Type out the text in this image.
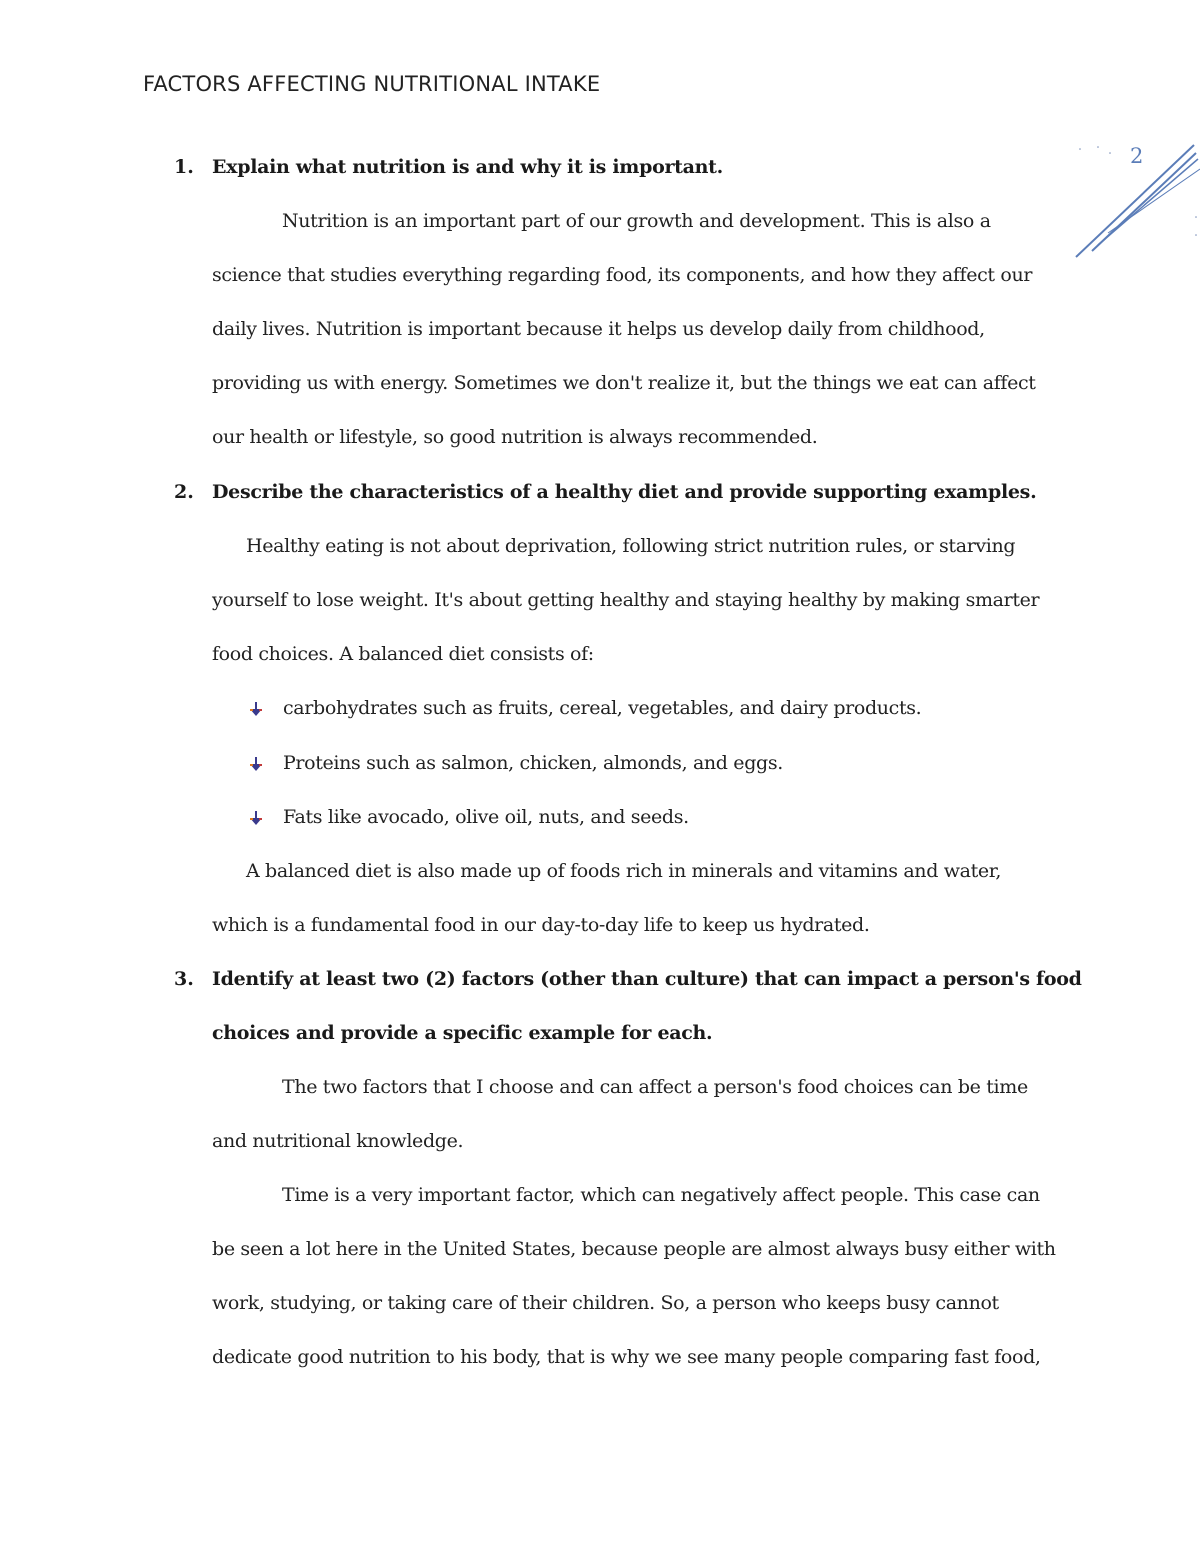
FACTORS AFFECTING NUTRITIONAL INTAKE
2
1. Explain what nutrition is and why it is important.
Nutrition is an important part of our growth and development. This is also a
science that studies everything regarding food, its components, and how they affect our
daily lives. Nutrition is important because it helps us develop daily from childhood,
providing us with energy. Sometimes we don't realize it, but the things we eat can affect
our health or lifestyle, so good nutrition is always recommended.
2. Describe the characteristics of a healthy diet and provide supporting examples.
Healthy eating is not about deprivation, following strict nutrition rules, or starving
yourself to lose weight. It's about getting healthy and staying healthy by making smarter
food choices. A balanced diet consists of:
carbohydrates such as fruits, cereal, vegetables, and dairy products.
Proteins such as salmon, chicken, almonds, and eggs.
Fats like avocado, olive oil, nuts, and seeds.
A balanced diet is also made up of foods rich in minerals and vitamins and water,
which is a fundamental food in our day-to-day life to keep us hydrated.
3. Identify at least two (2) factors (other than culture) that can impact a person's food
choices and provide a specific example for each.
The two factors that I choose and can affect a person's food choices can be time
and nutritional knowledge.
Time is a very important factor, which can negatively affect people. This case can
be seen a lot here in the United States, because people are almost always busy either with
work, studying, or taking care of their children. So, a person who keeps busy cannot
dedicate good nutrition to his body, that is why we see many people comparing fast food,
